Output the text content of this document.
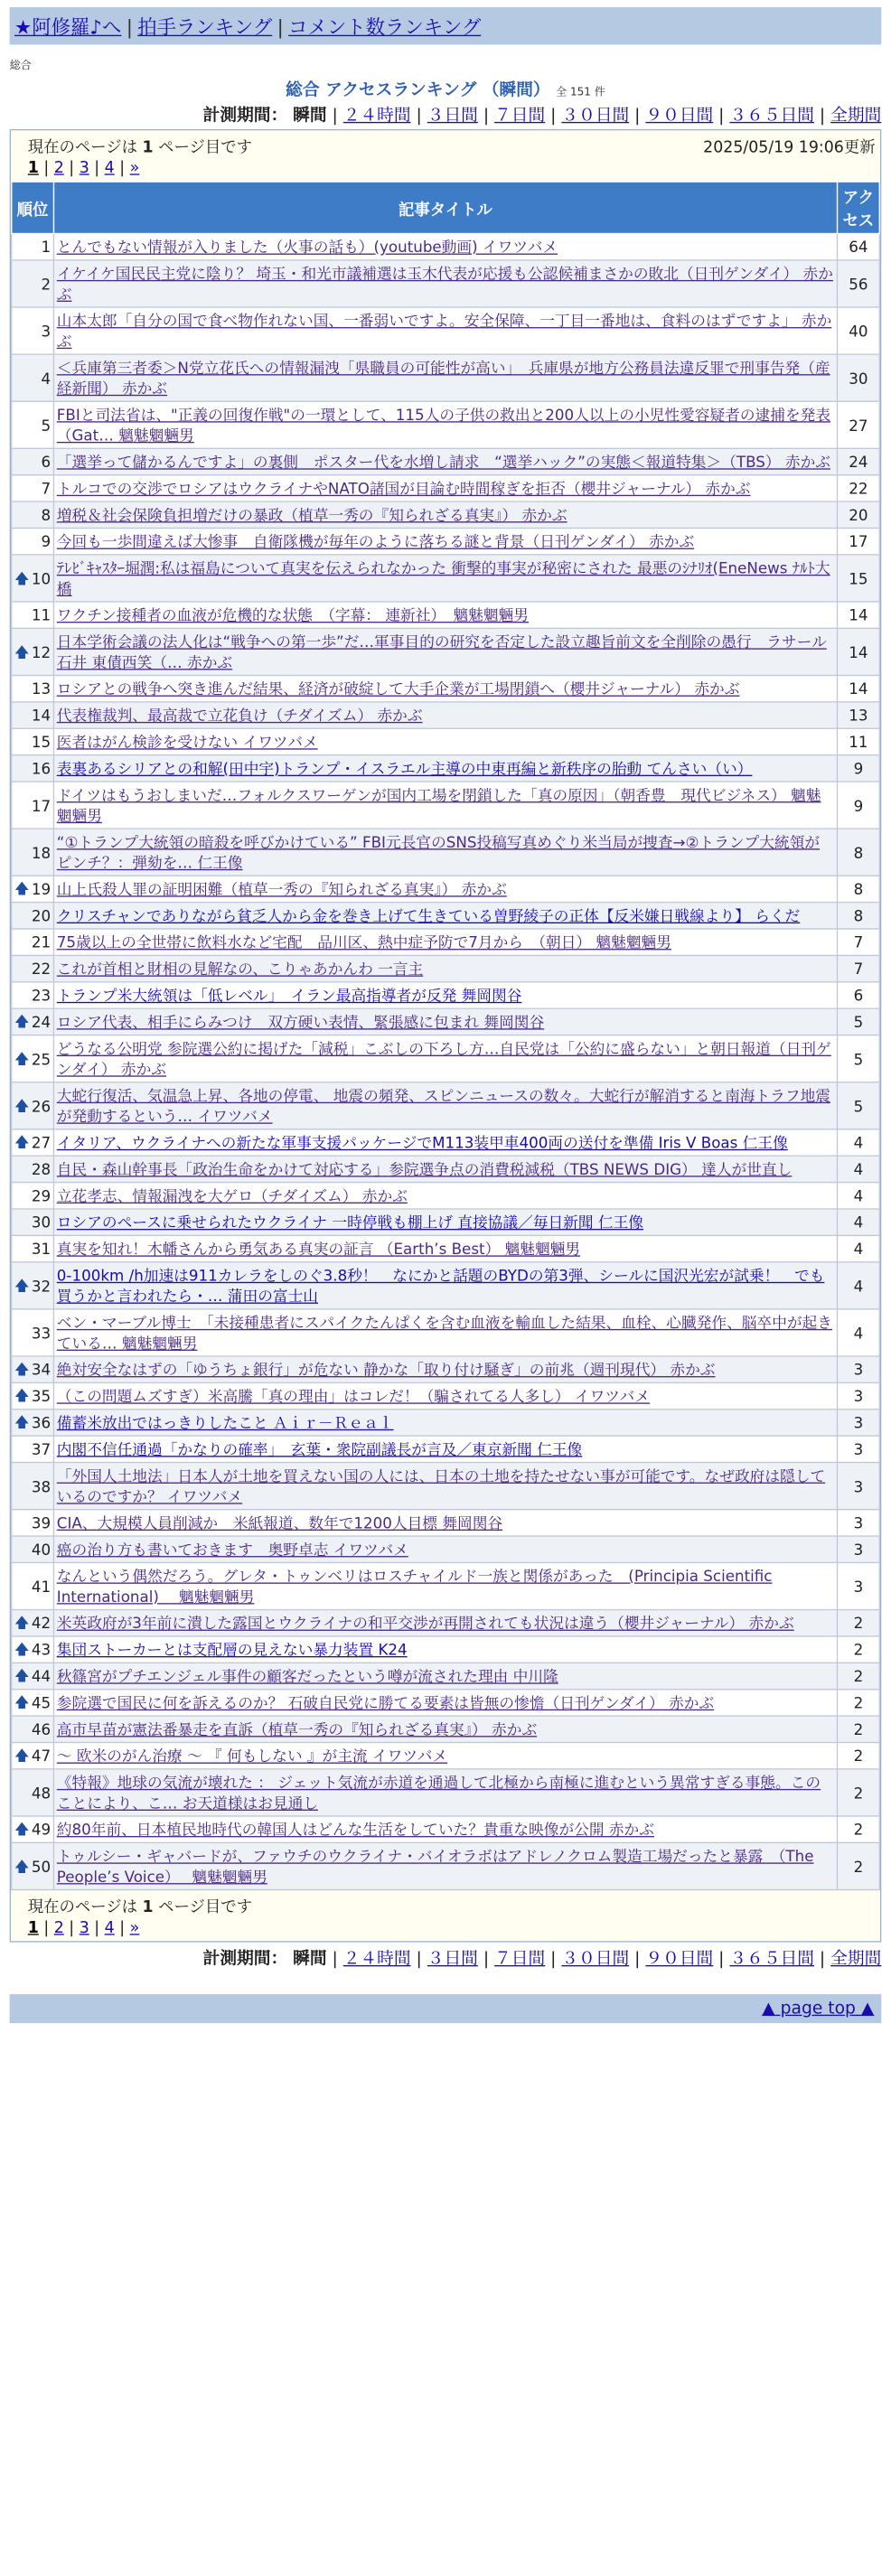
★阿修羅♪へ | 拍手ランキング | コメント数ランキング
総合
総合 アクセスランキング （瞬間） 全 151 件
計測期間： 瞬間 | ２４時間 | ３日間 | ７日間 | ３０日間 | ９０日間 | ３６５日間 | 全期間
現在のページは 1 ページ目です	2025/05/19 19:06更新
1 | 2 | 3 | 4 | »
順位	記事タイトル	アクセス
1	とんでもない情報が入りました（火事の話も）(youtube動画) イワツバメ	64
2	イケイケ国民民主党に陰り？ 埼玉・和光市議補選は玉木代表が応援も公認候補まさかの敗北（日刊ゲンダイ） 赤かぶ	56
3	山本太郎「自分の国で食べ物作れない国、一番弱いですよ。安全保障、一丁目一番地は、食料のはずですよ」 赤かぶ	40
4	＜兵庫第三者委＞N党立花氏への情報漏洩「県職員の可能性が高い」　兵庫県が地方公務員法違反罪で刑事告発（産経新聞） 赤かぶ	30
5	FBIと司法省は、"正義の回復作戦"の一環として、115人の子供の救出と200人以上の小児性愛容疑者の逮捕を発表（Gat… 魑魅魍魎男	27
6	「選挙って儲かるんですよ」の裏側　ポスター代を水増し請求　“選挙ハック”の実態＜報道特集＞（TBS） 赤かぶ	24
7	トルコでの交渉でロシアはウクライナやNATO諸国が目論む時間稼ぎを拒否（櫻井ジャーナル） 赤かぶ	22
8	増税＆社会保険負担増だけの暴政（植草一秀の『知られざる真実』） 赤かぶ	20
9	今回も一歩間違えば大惨事　自衛隊機が毎年のように落ちる謎と背景（日刊ゲンダイ） 赤かぶ	17

🡅 10	ﾃﾚﾋﾞｷｬｽﾀｰ堀潤:私は福島について真実を伝えられなかった 衝撃的事実が秘密にされた 最悪のｼﾅﾘｵ(EneNews ﾅﾙﾄ大橋	15
11	ワクチン接種者の血液が危機的な状態　（字幕： 連新社）　魑魅魍魎男	14

🡅 12	日本学術会議の法人化は“戦争への第一歩”だ…軍事目的の研究を否定した設立趣旨前文を全削除の愚行　ラサール石井 東債西笑（… 赤かぶ	14
13	ロシアとの戦争へ突き進んだ結果、経済が破綻して大手企業が工場閉鎖へ（櫻井ジャーナル） 赤かぶ	14
14	代表権裁判、最高裁で立花負け（チダイズム） 赤かぶ	13
15	医者はがん検診を受けない イワツバメ	11
16	表裏あるシリアとの和解(田中宇)トランプ・イスラエル主導の中東再編と新秩序の胎動 てんさい（い）	9
17	ドイツはもうおしまいだ…フォルクスワーゲンが国内工場を閉鎖した「真の原因」（朝香豊　現代ビジネス） 魑魅魍魎男	9
18	“①トランプ大統領の暗殺を呼びかけている” FBI元長官のSNS投稿写真めぐり米当局が捜査→②トランプ大統領がピンチ？：弾劾を… 仁王像	8

🡅 19	山上氏殺人罪の証明困難（植草一秀の『知られざる真実』） 赤かぶ	8
20	クリスチャンでありながら貧乏人から金を巻き上げて生きている曽野綾子の正体【反米嫌日戦線より】 らくだ	8
21	75歳以上の全世帯に飲料水など宅配　品川区、熱中症予防で7月から　（朝日） 魑魅魍魎男	7
22	これが首相と財相の見解なの、こりゃあかんわ 一言主	7
23	トランプ米大統領は「低レベル」　イラン最高指導者が反発 舞岡関谷	6

🡅 24	ロシア代表、相手にらみつけ　双方硬い表情、緊張感に包まれ 舞岡関谷	5

🡅 25	どうなる公明党 参院選公約に掲げた「減税」こぶしの下ろし方…自民党は「公約に盛らない」と朝日報道（日刊ゲンダイ） 赤かぶ	5

🡅 26	大蛇行復活、気温急上昇、各地の停電、 地震の頻発、スピンニュースの数々。大蛇行が解消すると南海トラフ地震が発動するという… イワツバメ	5

🡅 27	イタリア、ウクライナへの新たな軍事支援パッケージでM113装甲車400両の送付を準備 Iris V Boas 仁王像	4
28	自民・森山幹事長「政治生命をかけて対応する」参院選争点の消費税減税（TBS NEWS DIG） 達人が世直し	4
29	立花孝志、情報漏洩を大ゲロ（チダイズム） 赤かぶ	4
30	ロシアのペースに乗せられたウクライナ 一時停戦も棚上げ 直接協議／毎日新聞 仁王像	4
31	真実を知れ！木幡さんから勇気ある真実の証言 （Earth’s Best） 魑魅魍魎男	4

🡅 32	0-100km /h加速は911カレラをしのぐ3.8秒！　なにかと話題のBYDの第3弾、シールに国沢光宏が試乗！　でも買うかと言われたら・… 蒲田の富士山	4
33	ベン・マーブル博士　「未接種患者にスパイクたんぱくを含む血液を輸血した結果、血栓、心臓発作、脳卒中が起きている… 魑魅魍魎男	4

🡅 34	絶対安全なはずの「ゆうちょ銀行」が危ない 静かな「取り付け騒ぎ」の前兆（週刊現代） 赤かぶ	3

🡅 35	（この問題ムズすぎ）米高騰「真の理由」はコレだ！（騙されてる人多し） イワツバメ	3

🡅 36	備蓄米放出ではっきりしたこと Ａｉｒ－Ｒｅａｌ	3
37	内閣不信任通過「かなりの確率」　玄葉・衆院副議長が言及／東京新聞 仁王像	3
38	「外国人土地法」日本人が土地を買えない国の人には、日本の土地を持たせない事が可能です。なぜ政府は隠しているのですか？ イワツバメ	3
39	CIA、大規模人員削減か　米紙報道、数年で1200人目標 舞岡関谷	3
40	癌の治り方も書いておきます　奥野卓志 イワツバメ	3
41	なんという偶然だろう。グレタ・トゥンベリはロスチャイルド一族と関係があった　(Principia Scientific International)　 魑魅魍魎男	3

🡅 42	米英政府が3年前に潰した露国とウクライナの和平交渉が再開されても状況は違う（櫻井ジャーナル） 赤かぶ	2

🡅 43	集団ストーカーとは支配層の見えない暴力装置 K24	2

🡅 44	秋篠宮がプチエンジェル事件の顧客だったという噂が流された理由 中川隆	2

🡅 45	参院選で国民に何を訴えるのか？ 石破自民党に勝てる要素は皆無の惨憺（日刊ゲンダイ） 赤かぶ	2
46	高市早苗が憲法番暴走を直訴（植草一秀の『知られざる真実』） 赤かぶ	2

🡅 47	～ 欧米のがん治療 ～ 『 何もしない 』が主流 イワツバメ	2
48	《特報》地球の気流が壊れた ： ジェット気流が赤道を通過して北極から南極に進むという異常すぎる事態。このことにより、こ… お天道様はお見通し	2

🡅 49	約80年前、日本植民地時代の韓国人はどんな生活をしていた？貴重な映像が公開 赤かぶ	2

🡅 50	トゥルシー・ギャバードが、ファウチのウクライナ・バイオラボはアドレノクロム製造工場だったと暴露　（The People’s Voice）　 魑魅魍魎男	2
現在のページは 1 ページ目です
1 | 2 | 3 | 4 | »
計測期間： 瞬間 | ２４時間 | ３日間 | ７日間 | ３０日間 | ９０日間 | ３６５日間 | 全期間
▲ page top ▲
